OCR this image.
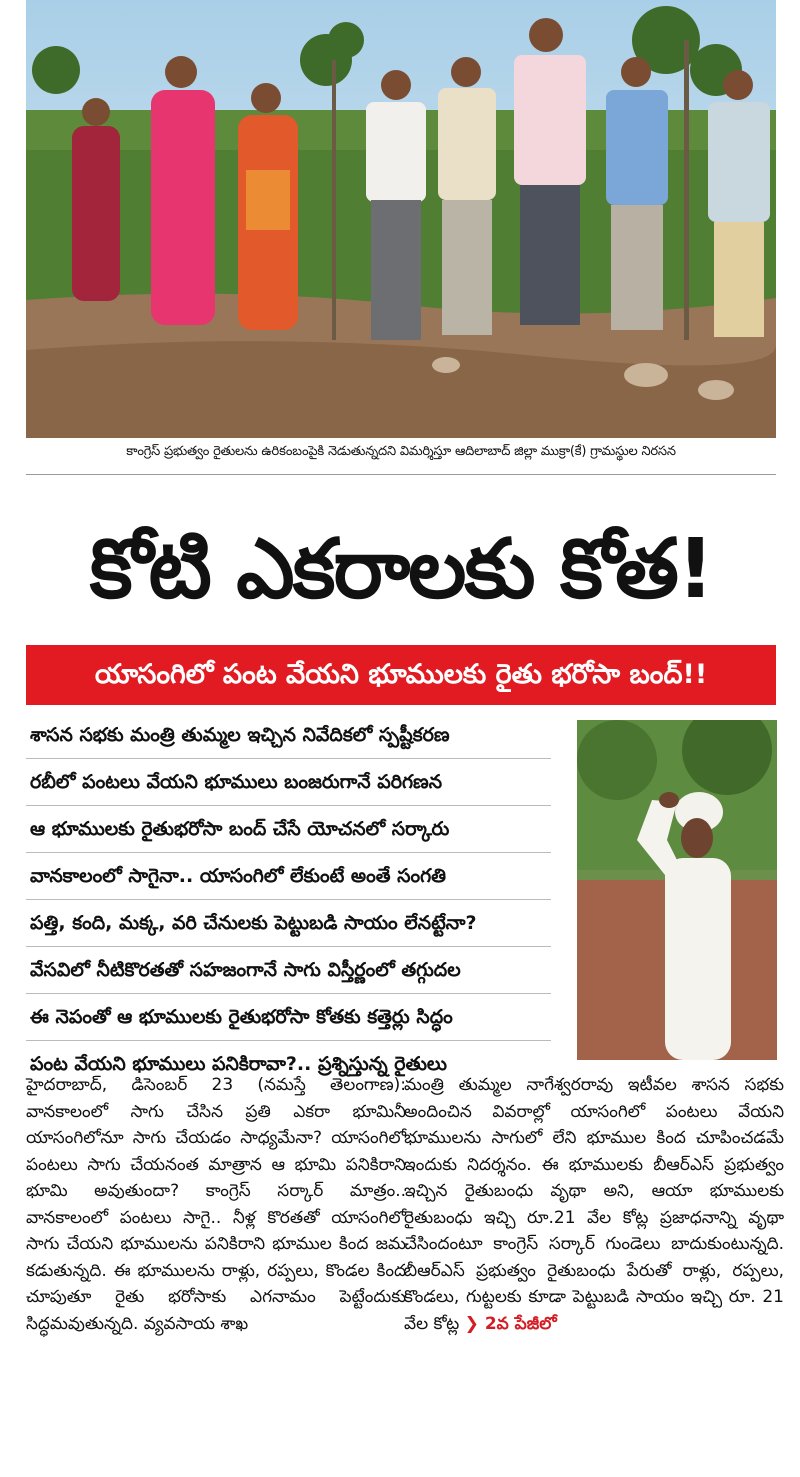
కాంగ్రెస్ ప్రభుత్వం రైతులను ఉరికంబంపైకి నెడుతున్నదని విమర్శిస్తూ ఆదిలాబాద్ జిల్లా ముక్రా(కే) గ్రామస్థుల నిరసన
కోటి ఎకరాలకు కోత!
యాసంగిలో పంట వేయని భూములకు రైతు భరోసా బంద్!!
శాసన సభకు మంత్రి తుమ్మల ఇచ్చిన నివేదికలో స్పష్టీకరణ
రబీలో పంటలు వేయని భూములు బంజరుగానే పరిగణన
ఆ భూములకు రైతుభరోసా బంద్ చేసే యోచనలో సర్కారు
వానకాలంలో సాగైనా.. యాసంగిలో లేకుంటే అంతే సంగతి
పత్తి, కంది, మక్క, వరి చేనులకు పెట్టుబడి సాయం లేనట్టేనా?
వేసవిలో నీటికొరతతో సహజంగానే సాగు విస్తీర్ణంలో తగ్గుదల
ఈ నెపంతో ఆ భూములకు రైతుభరోసా కోతకు కత్తెర్లు సిద్ధం
పంట వేయని భూములు పనికిరావా?.. ప్రశ్నిస్తున్న రైతులు
హైదరాబాద్, డిసెంబర్ 23 (నమస్తే తెలంగాణ): వానకాలంలో సాగు చేసిన ప్రతి ఎకరా భూమినీ యాసంగిలోనూ సాగు చేయడం సాధ్యమేనా? యాసంగిలో పంటలు సాగు చేయనంత మాత్రాన ఆ భూమి పనికిరాని భూమి అవుతుందా? కాంగ్రెస్ సర్కార్ మాత్రం.. వానకాలంలో పంటలు సాగై.. నీళ్ల కొరతతో యాసంగిలో సాగు చేయని భూములను పనికిరాని భూముల కింద జమ కడుతున్నది. ఈ భూములను రాళ్లు, రప్పలు, కొండల కింద చూపుతూ రైతు భరోసాకు ఎగనామం పెట్టేందుకు సిద్ధమవుతున్నది. వ్యవసాయ శాఖ
మంత్రి తుమ్మల నాగేశ్వరరావు ఇటీవల శాసన సభకు అందించిన వివరాల్లో యాసంగిలో పంటలు వేయని భూములను సాగులో లేని భూముల కింద చూపించడమే ఇందుకు నిదర్శనం. ఈ భూములకు బీఆర్ఎస్ ప్రభుత్వం ఇచ్చిన రైతుబంధు వృథా అని, ఆయా భూములకు రైతుబంధు ఇచ్చి రూ.21 వేల కోట్ల ప్రజాధనాన్ని వృథా చేసిందంటూ కాంగ్రెస్ సర్కార్ గుండెలు బాదుకుంటున్నది. బీఆర్ఎస్ ప్రభుత్వం రైతుబంధు పేరుతో రాళ్లు, రప్పలు, కొండలు, గుట్టలకు కూడా పెట్టుబడి సాయం ఇచ్చి రూ. 21 వేల కోట్ల ❯ 2వ పేజీలో
